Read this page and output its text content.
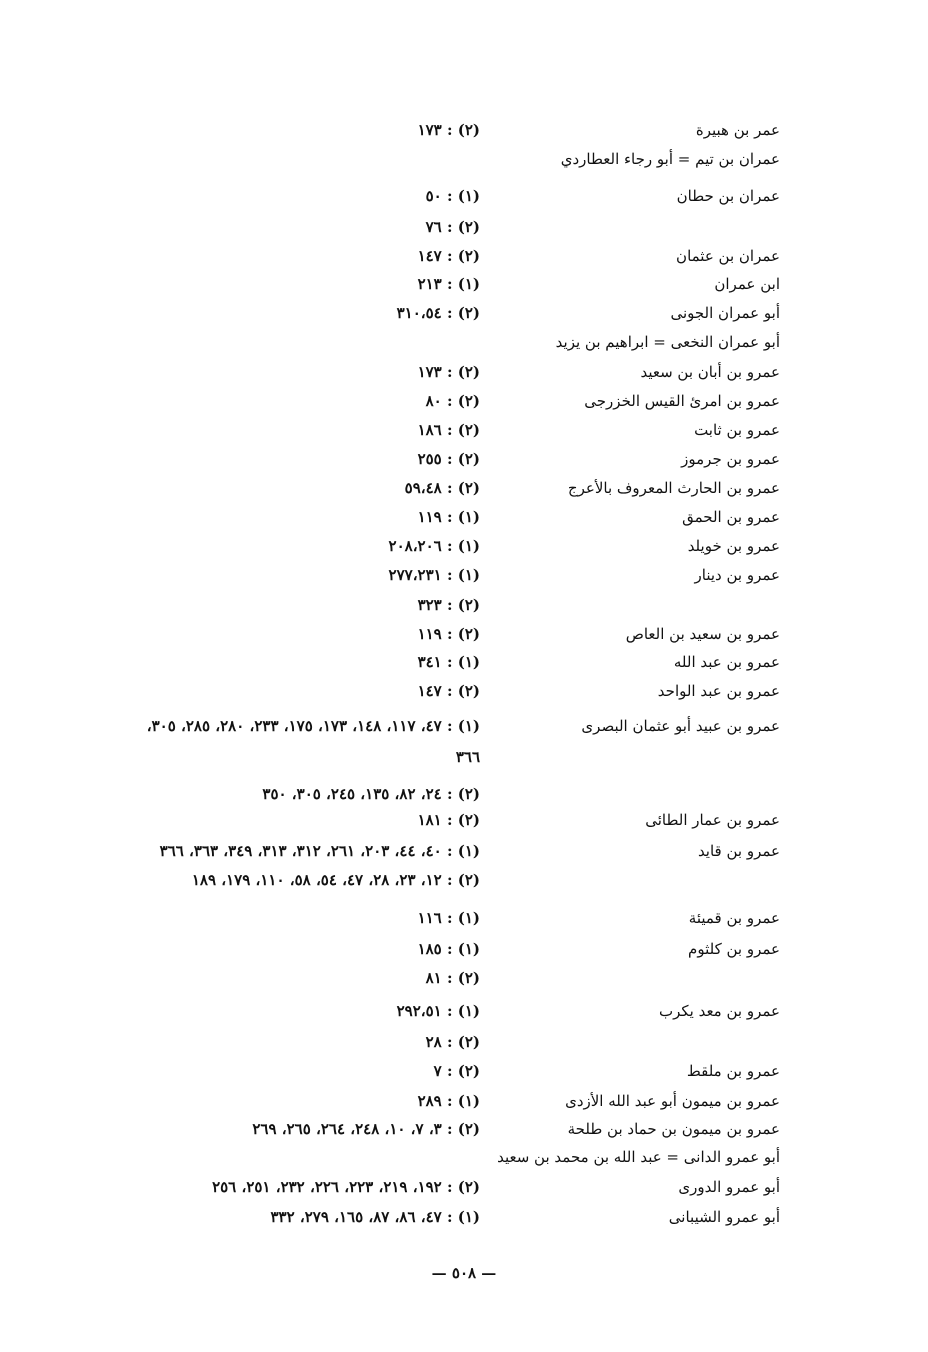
عمر بن هبيرة
(٢) : ١٧٣
عمران بن تيم = أبو رجاء العطاردي
عمران بن حطان
(١) : ٥٠
(٢) : ٧٦
عمران بن عثمان
(٢) : ١٤٧
ابن عمران
(١) : ٢١٣
أبو عمران الجونى
(٢) : ٣١٠،٥٤
أبو عمران النخعى = ابراهيم بن يزيد
عمرو بن أبان بن سعيد
(٢) : ١٧٣
عمرو بن امرئ القيس الخزرجى
(٢) : ٨٠
عمرو بن ثابت
(٢) : ١٨٦
عمرو بن جرموز
(٢) : ٢٥٥
عمرو بن الحارث المعروف بالأعرج
(٢) : ٥٩،٤٨
عمرو بن الحمق
(١) : ١١٩
عمرو بن خويلد
(١) : ٢٠٨،٢٠٦
عمرو بن دينار
(١) : ٢٧٧،٢٣١
(٢) : ٣٢٣
عمرو بن سعيد بن العاص
(٢) : ١١٩
عمرو بن عبد الله
(١) : ٣٤١
عمرو بن عبد الواحد
(٢) : ١٤٧
عمرو بن عبيد أبو عثمان البصرى
(١) : ٤٧، ١١٧، ١٤٨، ١٧٣، ١٧٥، ٢٣٣، ٢٨٠، ٢٨٥، ٣٠٥،
٣٦٦
(٢) : ٢٤، ٨٢، ١٣٥، ٢٤٥، ٣٠٥، ٣٥٠
عمرو بن عمار الطائى
(٢) : ١٨١
عمرو بن قايد
(١) : ٤٠، ٤٤، ٢٠٣، ٢٦١، ٣١٢، ٣١٣، ٣٤٩، ٣٦٣، ٣٦٦
(٢) : ١٢، ٢٣، ٢٨، ٤٧، ٥٤، ٥٨، ١١٠، ١٧٩، ١٨٩
عمرو بن قميئة
(١) : ١١٦
عمرو بن كلثوم
(١) : ١٨٥
(٢) : ٨١
عمرو بن معد يكرب
(١) : ٢٩٢،٥١
(٢) : ٢٨
عمرو بن ملقط
(٢) : ٧
عمرو بن ميمون أبو عبد الله الأزدى
(١) : ٢٨٩
عمرو بن ميمون بن حماد بن طلحة
(٢) : ٣، ٧، ١٠، ٢٤٨، ٢٦٤، ٢٦٥، ٢٦٩
أبو عمرو الدانى = عبد الله بن محمد بن سعيد
أبو عمرو الدورى
(٢) : ١٩٢، ٢١٩، ٢٢٣، ٢٢٦، ٢٣٢، ٢٥١، ٢٥٦
أبو عمرو الشيبانى
(١) : ٤٧، ٨٦، ٨٧، ١٦٥، ٢٧٩، ٣٣٢
— ٥٠٨ —
